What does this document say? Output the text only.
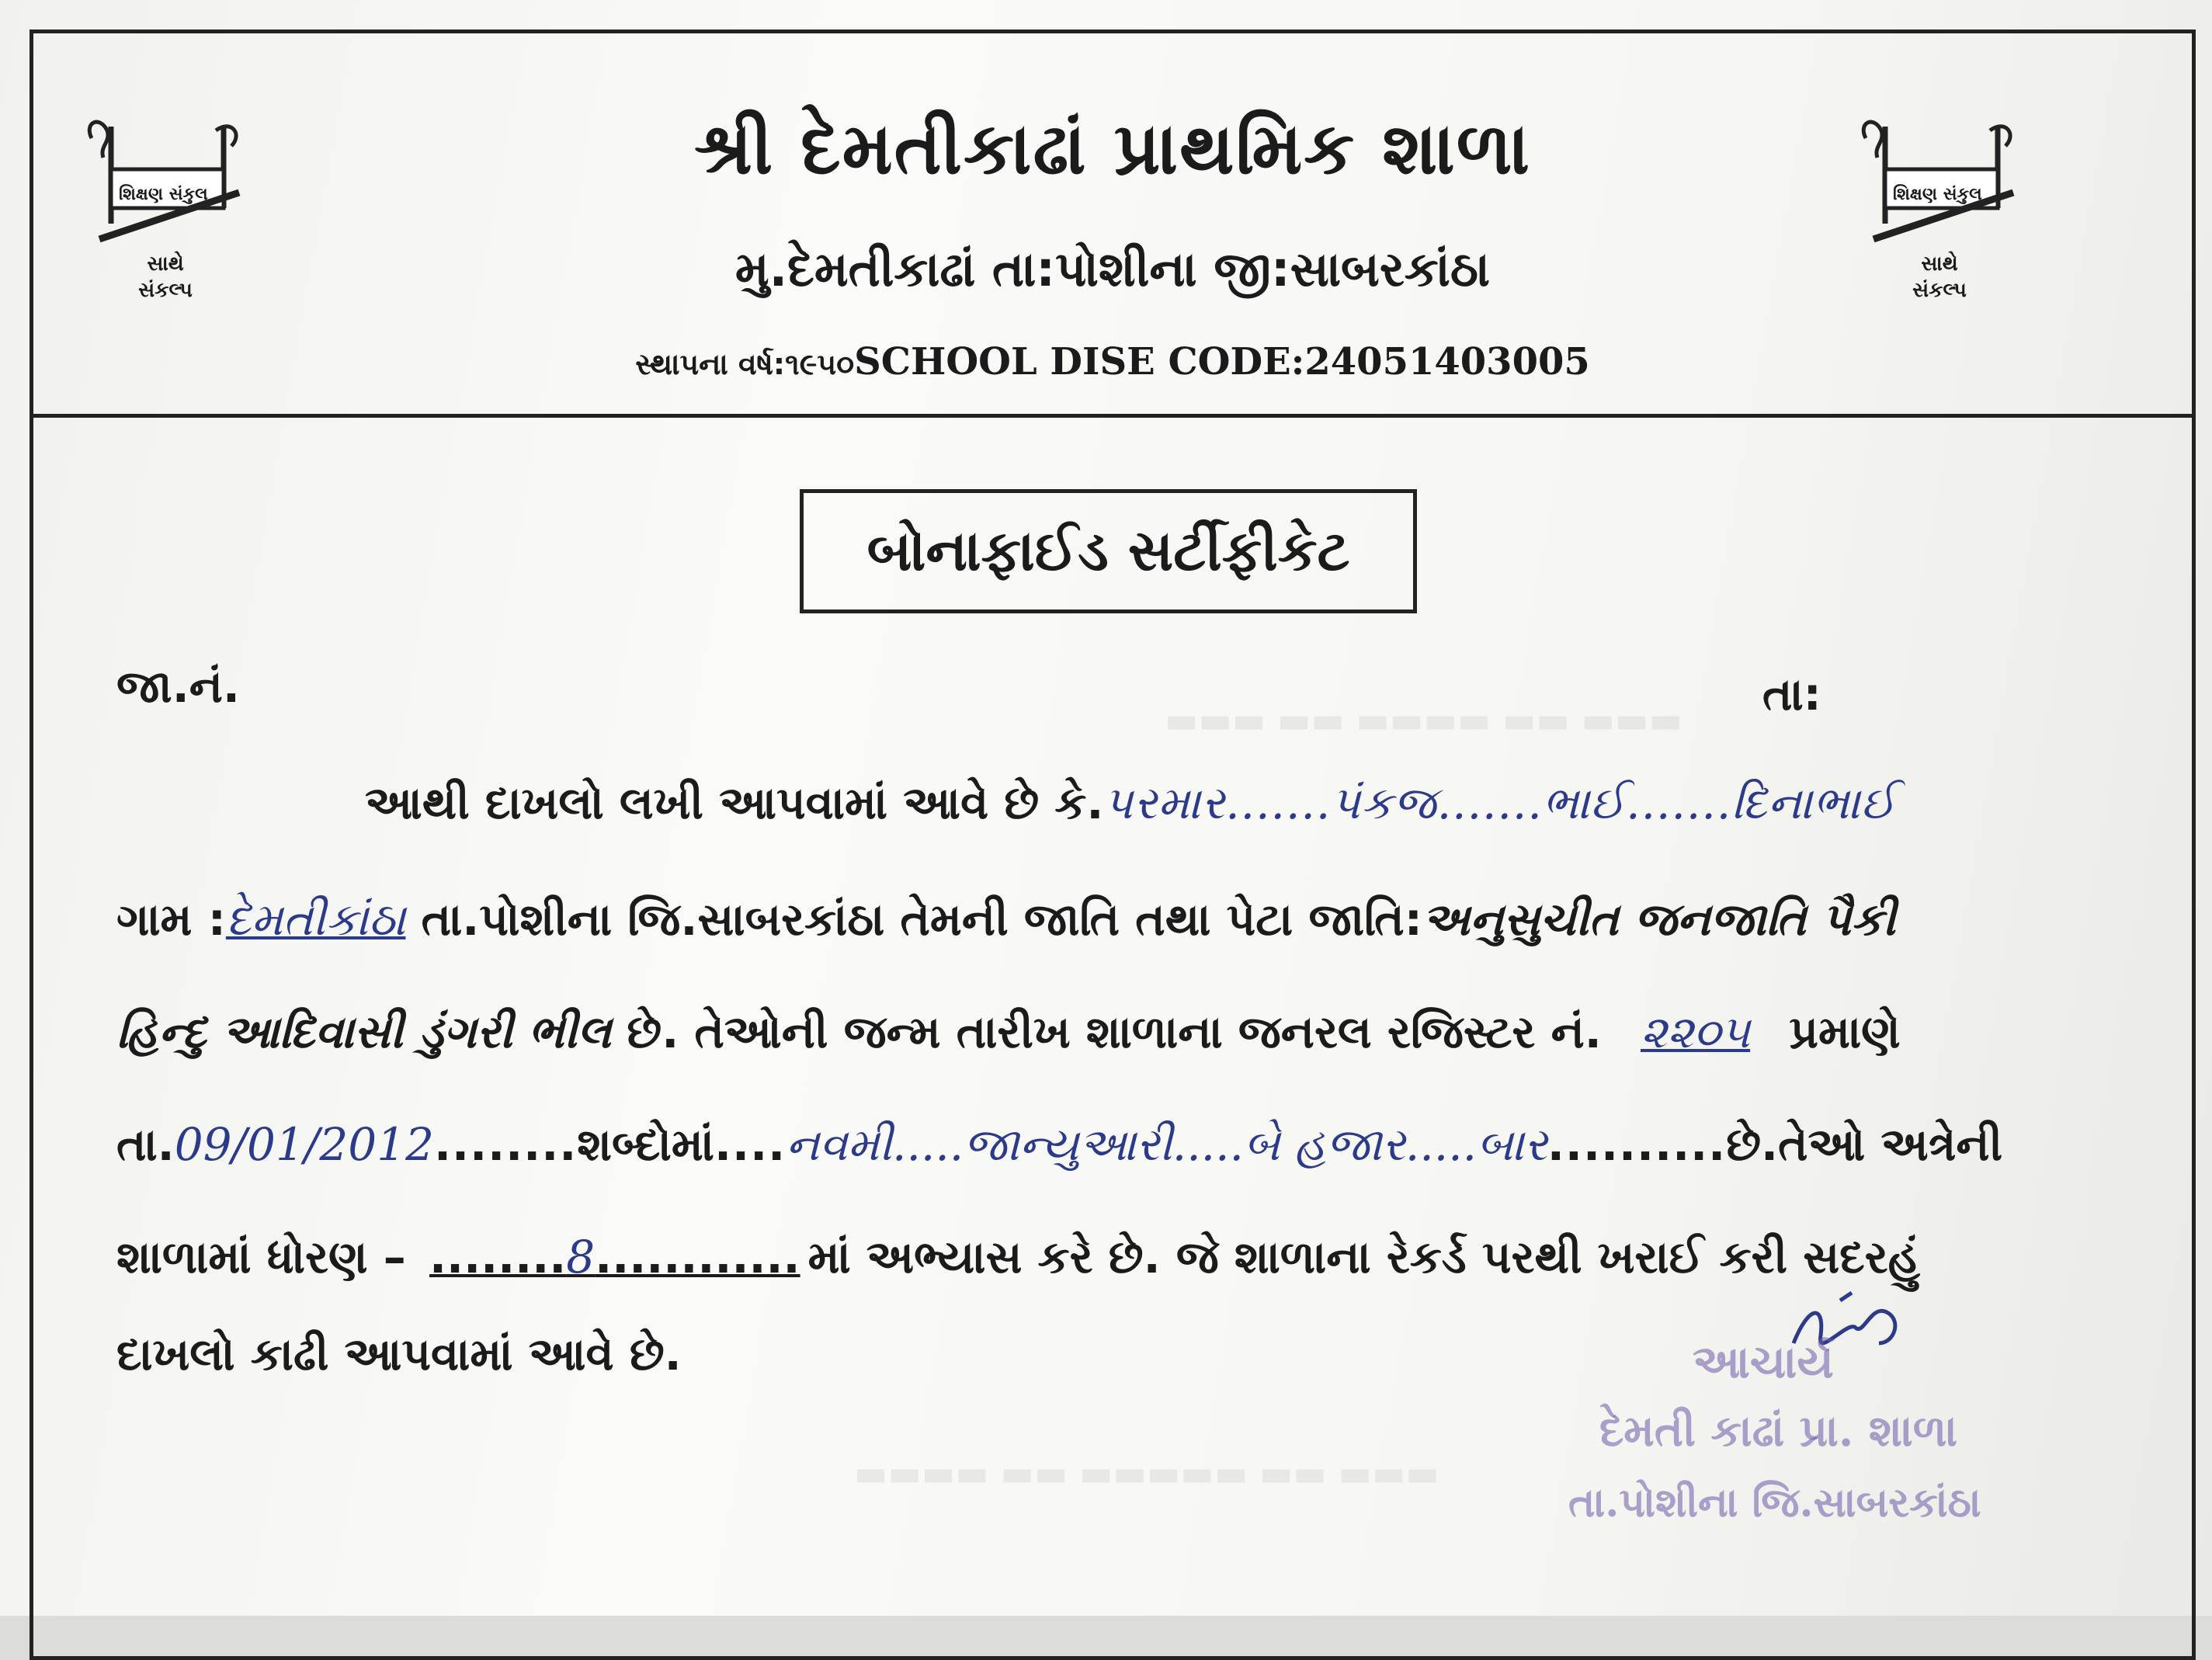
▬▬▬ ▬▬ ▬▬▬▬ ▬▬ ▬▬▬
▬▬▬▬ ▬▬ ▬▬▬▬▬ ▬▬ ▬▬▬
શિક્ષણ સંકુલ
સાથે
સંકલ્પ
શ્રી દેમતીકાઢાં પ્રાથમિક શાળા
મુ.દેમતીકાઢાં તા:પોશીના જી:સાબરકાંઠા
સ્થાપના વર્ષ:૧૯૫૦SCHOOL DISE CODE:24051403005
શિક્ષણ સંકુલ
સાથે
સંકલ્પ
બોનાફાઈડ સર્ટીફીકેટ
જા.નં.	તા:
આથી દાખલો લખી આપવામાં આવે છે કે.પરમાર.......પંકજ.......ભાઈ.......દિનાભાઈ
ગામ :દેમતીકાંઠા તા.પોશીના જિ.સાબરકાંઠા તેમની જાતિ તથા પેટા જાતિ:અનુસુચીત જનજાતિ પૈકી
હિન્દુ આદિવાસી ડુંગરી ભીલ છે. તેઓની જન્મ તારીખ શાળાના જનરલ રજિસ્ટર નં. ૨૨૦૫ પ્રમાણે
તા.09/01/2012........શબ્દોમાં....નવમી.....જાન્યુઆરી.....બે હજાર.....બાર..........છે.તેઓ અત્રેની
શાળામાં ધોરણ – ........8............ માં અભ્યાસ કરે છે. જે શાળાના રેકર્ડ પરથી ખરાઈ કરી સદરહું
દાખલો કાઢી આપવામાં આવે છે.	આચાર્ય
દેમતી કાઢાં પ્રા. શાળા
તા.પોશીના જિ.સાબરકાંઠા
